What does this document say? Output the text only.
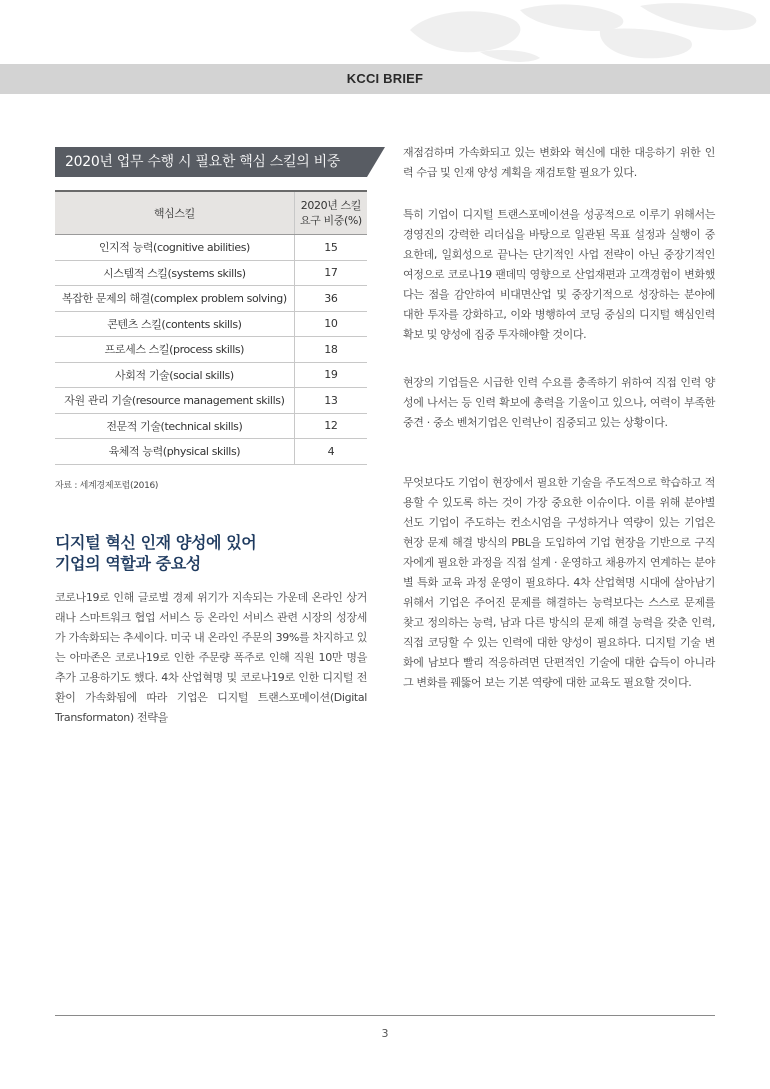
KCCI BRIEF
2020년 업무 수행 시 필요한 핵심 스킬의 비중
핵심스킬	2020년 스킬
요구 비중(%)
인지적 능력(cognitive abilities)	15
시스템적 스킬(systems skills)	17
복잡한 문제의 해결(complex problem solving)	36
콘텐츠 스킬(contents skills)	10
프로세스 스킬(process skills)	18
사회적 기술(social skills)	19
자원 관리 기술(resource management skills)	13
전문적 기술(technical skills)	12
육체적 능력(physical skills)	4
자료 : 세계경제포럼(2016)
디지털 혁신 인재 양성에 있어
기업의 역할과 중요성

코로나19로 인해 글로벌 경제 위기가 지속되는 가운데 온라인 상거래나 스마트워크 협업 서비스 등 온라인 서비스 관련 시장의 성장세가 가속화되는 추세이다. 미국 내 온라인 주문의 39%를 차지하고 있는 아마존은 코로나19로 인한 주문량 폭주로 인해 직원 10만 명을 추가 고용하기도 했다. 4차 산업혁명 및 코로나19로 인한 디지털 전환이 가속화됨에 따라 기업은 디지털 트랜스포메이션(Digital Transformaton) 전략을

재점검하며 가속화되고 있는 변화와 혁신에 대한 대응하기 위한 인력 수급 및 인재 양성 계획을 재검토할 필요가 있다.

특히 기업이 디지털 트랜스포메이션을 성공적으로 이루기 위해서는 경영진의 강력한 리더십을 바탕으로 일관된 목표 설정과 실행이 중요한데, 일회성으로 끝나는 단기적인 사업 전략이 아닌 중장기적인 여정으로 코로나19 팬데믹 영향으로 산업재편과 고객경험이 변화했다는 점을 감안하여 비대면산업 및 중장기적으로 성장하는 분야에 대한 투자를 강화하고, 이와 병행하여 코딩 중심의 디지털 핵심인력 확보 및 양성에 집중 투자해야할 것이다.

현장의 기업들은 시급한 인력 수요를 충족하기 위하여 직접 인력 양성에 나서는 등 인력 확보에 총력을 기울이고 있으나, 여력이 부족한 중견 · 중소 벤처기업은 인력난이 집중되고 있는 상황이다.

무엇보다도 기업이 현장에서 필요한 기술을 주도적으로 학습하고 적용할 수 있도록 하는 것이 가장 중요한 이슈이다. 이를 위해 분야별 선도 기업이 주도하는 컨소시엄을 구성하거나 역량이 있는 기업은 현장 문제 해결 방식의 PBL을 도입하여 기업 현장을 기반으로 구직자에게 필요한 과정을 직접 설계 · 운영하고 채용까지 연계하는 분야별 특화 교육 과정 운영이 필요하다. 4차 산업혁명 시대에 살아남기 위해서 기업은 주어진 문제를 해결하는 능력보다는 스스로 문제를 찾고 정의하는 능력, 남과 다른 방식의 문제 해결 능력을 갖춘 인력, 직접 코딩할 수 있는 인력에 대한 양성이 필요하다. 디지털 기술 변화에 남보다 빨리 적응하려면 단편적인 기술에 대한 습득이 아니라 그 변화를 꿰뚫어 보는 기본 역량에 대한 교육도 필요할 것이다.

3
